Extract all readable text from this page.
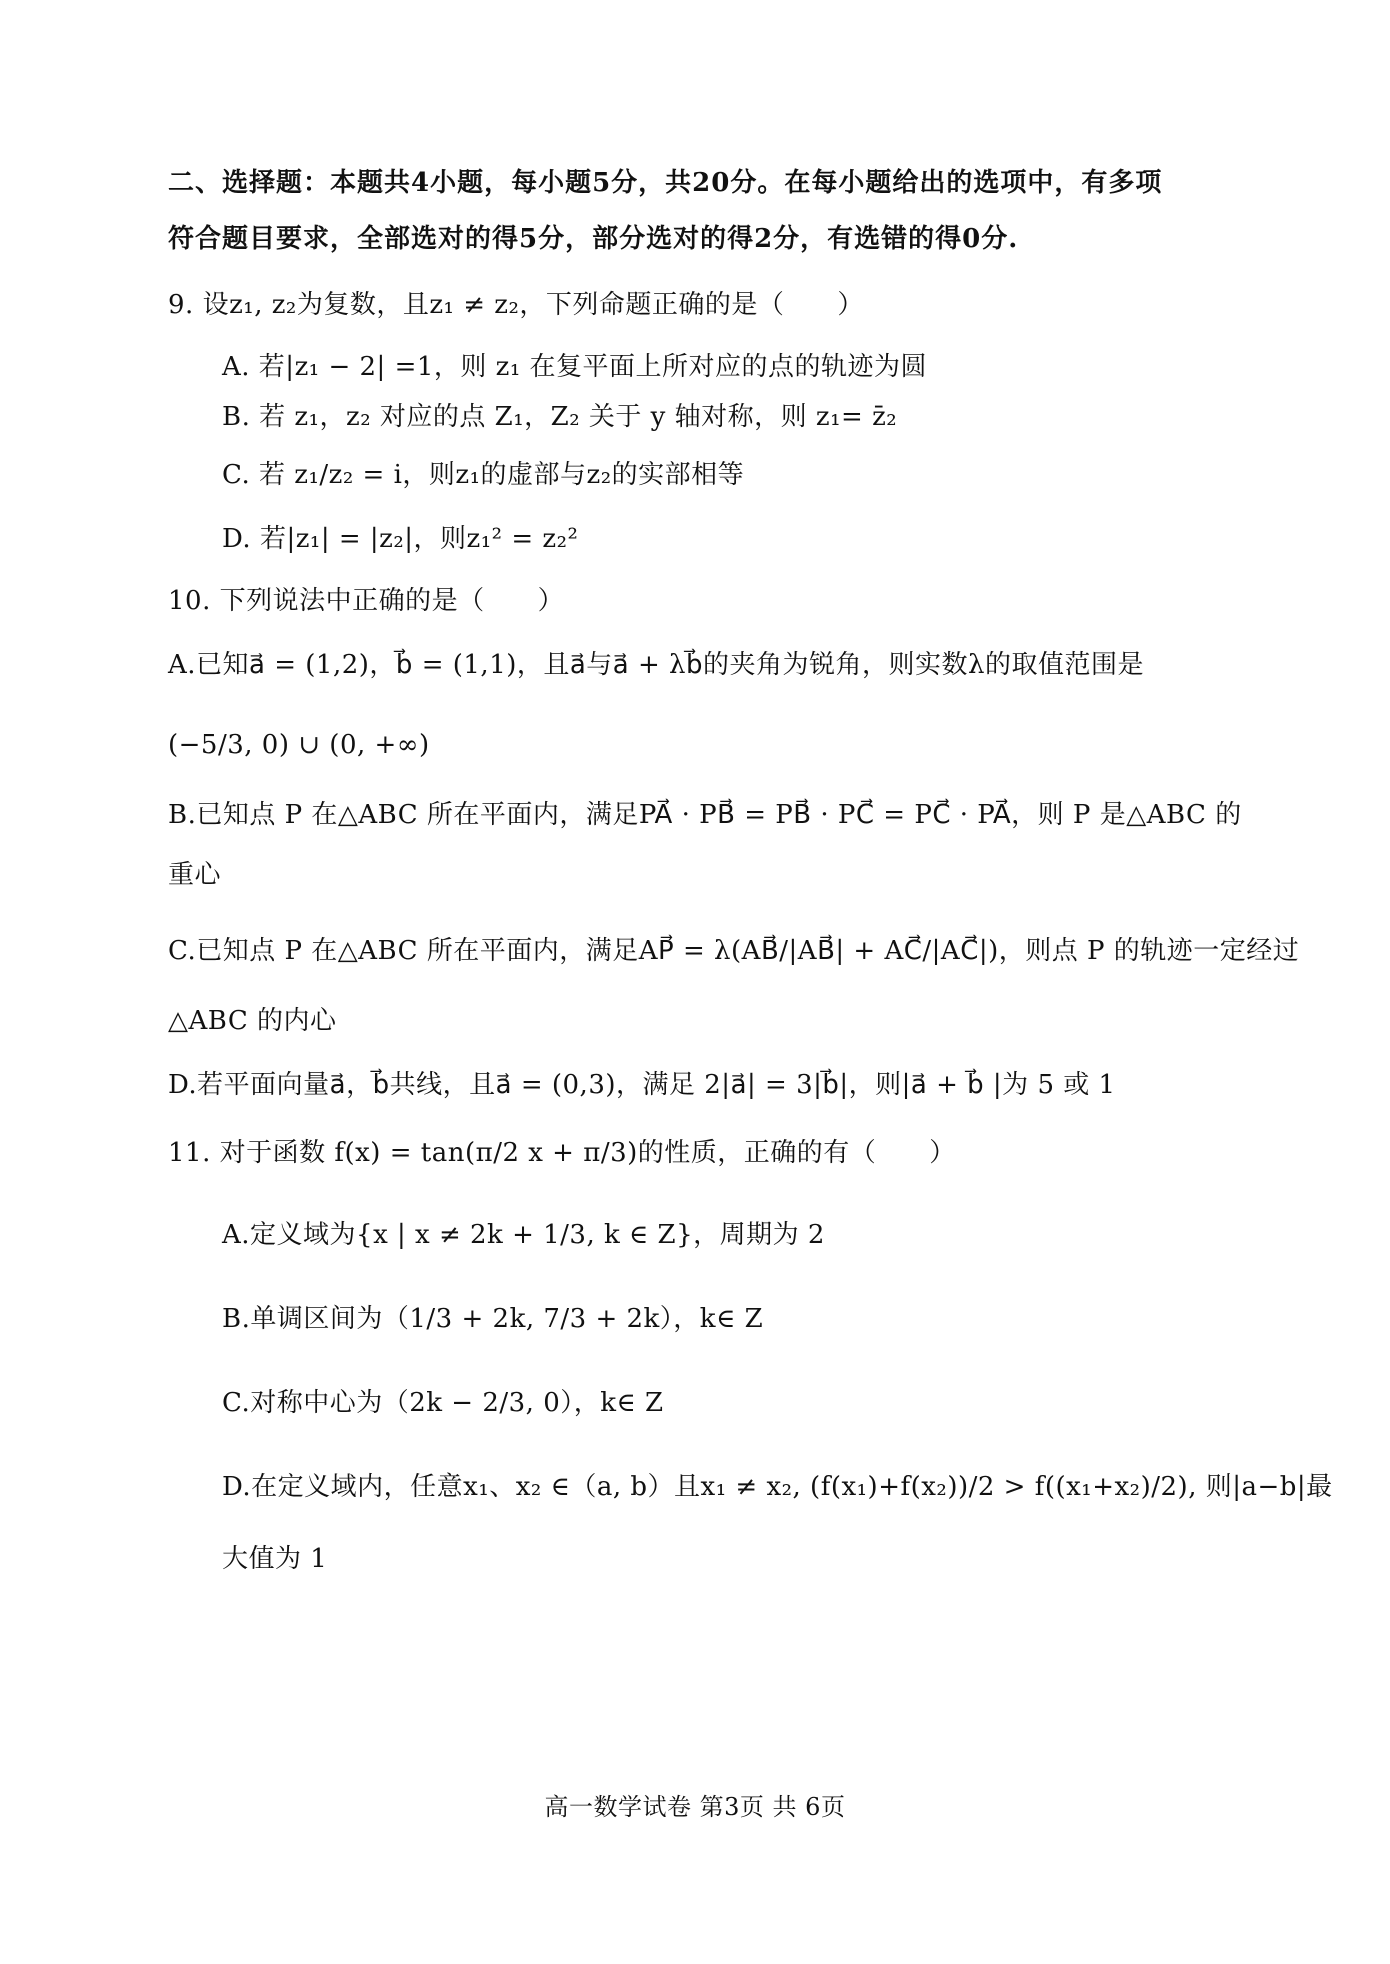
二、选择题：本题共4小题，每小题5分，共20分。在每小题给出的选项中，有多项
符合题目要求，全部选对的得5分，部分选对的得2分，有选错的得0分.
9. 设z₁, z₂为复数，且z₁ ≠ z₂，下列命题正确的是（　　）
A. 若|z₁ − 2| =1，则 z₁ 在复平面上所对应的点的轨迹为圆
B. 若 z₁，z₂ 对应的点 Z₁，Z₂ 关于 y 轴对称，则 z₁= z̄₂
C. 若 z₁/z₂ = i，则z₁的虚部与z₂的实部相等
D. 若|z₁| = |z₂|，则z₁² = z₂²
10. 下列说法中正确的是（　　）
A.已知a⃗ = (1,2)，b⃗ = (1,1)，且a⃗与a⃗ + λb⃗的夹角为锐角，则实数λ的取值范围是
(−5/3, 0) ∪ (0, +∞)
B.已知点 P 在△ABC 所在平面内，满足PA⃗ · PB⃗ = PB⃗ · PC⃗ = PC⃗ · PA⃗，则 P 是△ABC 的
重心
C.已知点 P 在△ABC 所在平面内，满足AP⃗ = λ(AB⃗/|AB⃗| + AC⃗/|AC⃗|)，则点 P 的轨迹一定经过
△ABC 的内心
D.若平面向量a⃗，b⃗共线，且a⃗ = (0,3)，满足 2|a⃗| = 3|b⃗|，则|a⃗ + b⃗ |为 5 或 1
11. 对于函数 f(x) = tan(π/2 x + π/3)的性质，正确的有（　　）
A.定义域为{x | x ≠ 2k + 1/3, k ∈ Z}，周期为 2
B.单调区间为（1/3 + 2k, 7/3 + 2k），k∈ Z
C.对称中心为（2k − 2/3, 0），k∈ Z
D.在定义域内，任意x₁、x₂ ∈（a, b）且x₁ ≠ x₂, (f(x₁)+f(x₂))/2 > f((x₁+x₂)/2), 则|a−b|最
大值为 1
高一数学试卷 第3页 共 6页
